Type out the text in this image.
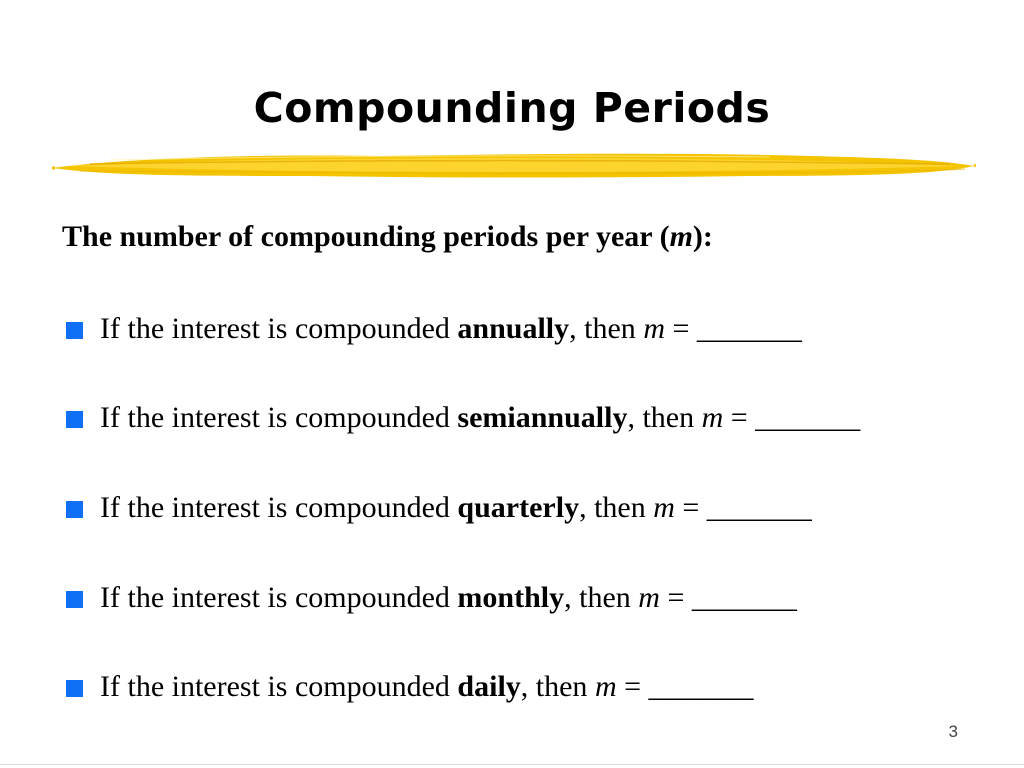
Compounding Periods
The number of compounding periods per year (m):
If the interest is compounded annually, then m = _______
If the interest is compounded semiannually, then m = _______
If the interest is compounded quarterly, then m = _______
If the interest is compounded monthly, then m = _______
If the interest is compounded daily, then m = _______
3
